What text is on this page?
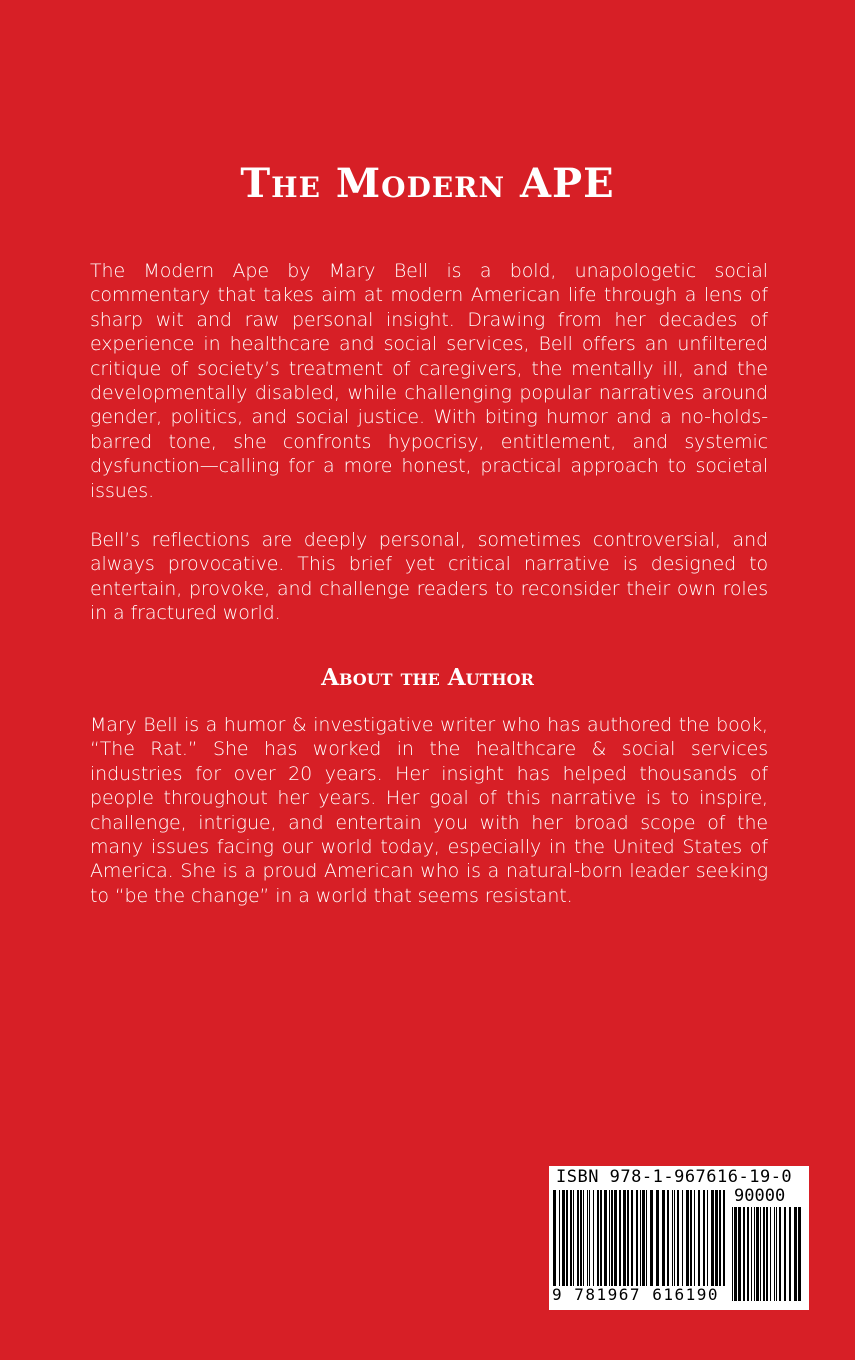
The Modern APE

The Modern Ape by Mary Bell is a bold, unapologetic social commentary that takes aim at modern American life through a lens of sharp wit and raw personal insight. Drawing from her decades of experience in healthcare and social services, Bell offers an unfiltered critique of society’s treatment of caregivers, the mentally ill, and the developmentally disabled, while challenging popular narratives around gender, politics, and social justice. With biting humor and a no-holds-barred tone, she confronts hypocrisy, entitlement, and systemic dysfunction—calling for a more honest, practical approach to societal issues.

Bell’s reflections are deeply personal, sometimes controversial, and always provocative. This brief yet critical narrative is designed to entertain, provoke, and challenge readers to reconsider their own roles in a fractured world.

About the Author

Mary Bell is a humor & investigative writer who has authored the book, “The Rat.” She has worked in the healthcare & social services industries for over 20 years. Her insight has helped thousands of people throughout her years. Her goal of this narrative is to inspire, challenge, intrigue, and entertain you with her broad scope of the many issues facing our world today, especially in the United States of America. She is a proud American who is a natural-born leader seeking to “be the change” in a world that seems resistant.

ISBN 978-1-967616-19-0
90000
9 781967 616190
